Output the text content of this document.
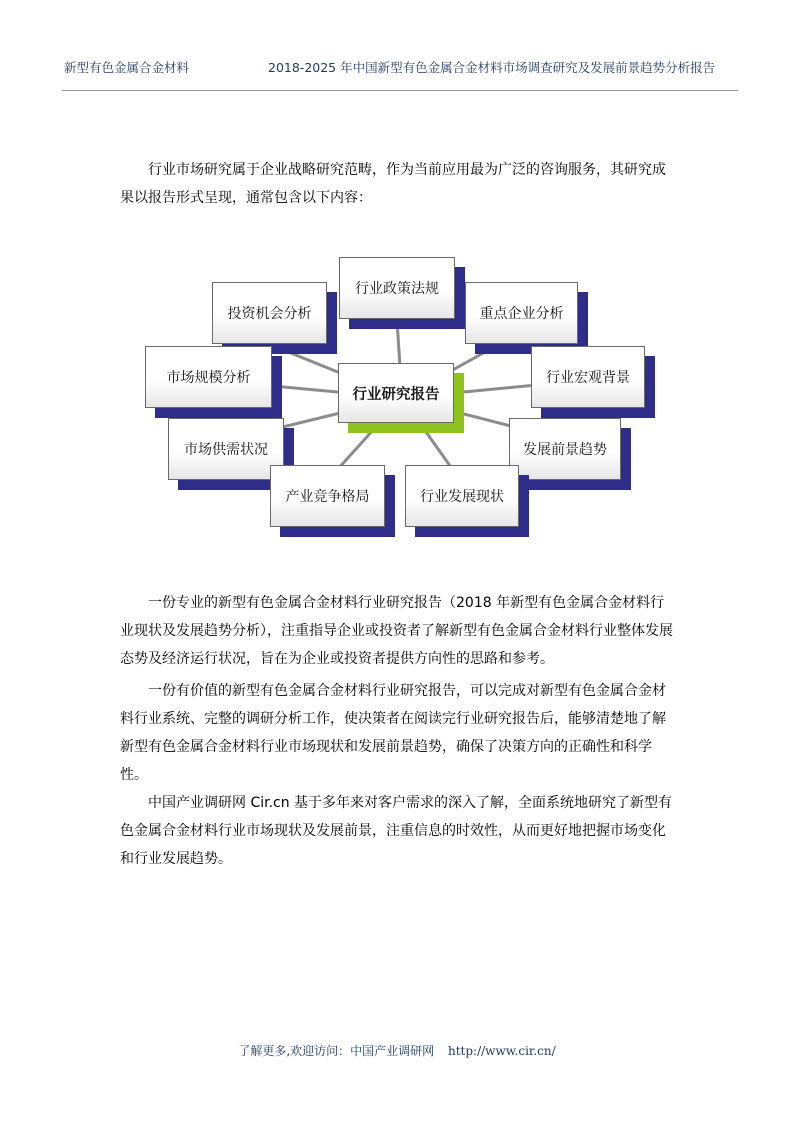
新型有色金属合金材料	2018-2025 年中国新型有色金属合金材料市场调查研究及发展前景趋势分析报告

行业市场研究属于企业战略研究范畴，作为当前应用最为广泛的咨询服务，其研究成果以报告形式呈现，通常包含以下内容：

行业政策法规
投资机会分析	重点企业分析
市场规模分析	行业宏观背景
市场供需状况	发展前景趋势
产业竞争格局	行业发展现状
行业研究报告

一份专业的新型有色金属合金材料行业研究报告（2018 年新型有色金属合金材料行业现状及发展趋势分析），注重指导企业或投资者了解新型有色金属合金材料行业整体发展态势及经济运行状况，旨在为企业或投资者提供方向性的思路和参考。

一份有价值的新型有色金属合金材料行业研究报告，可以完成对新型有色金属合金材料行业系统、完整的调研分析工作，使决策者在阅读完行业研究报告后，能够清楚地了解新型有色金属合金材料行业市场现状和发展前景趋势，确保了决策方向的正确性和科学性。

中国产业调研网 Cir.cn 基于多年来对客户需求的深入了解，全面系统地研究了新型有色金属合金材料行业市场现状及发展前景，注重信息的时效性，从而更好地把握市场变化和行业发展趋势。

了解更多,欢迎访问：中国产业调研网 http://www.cir.cn/
